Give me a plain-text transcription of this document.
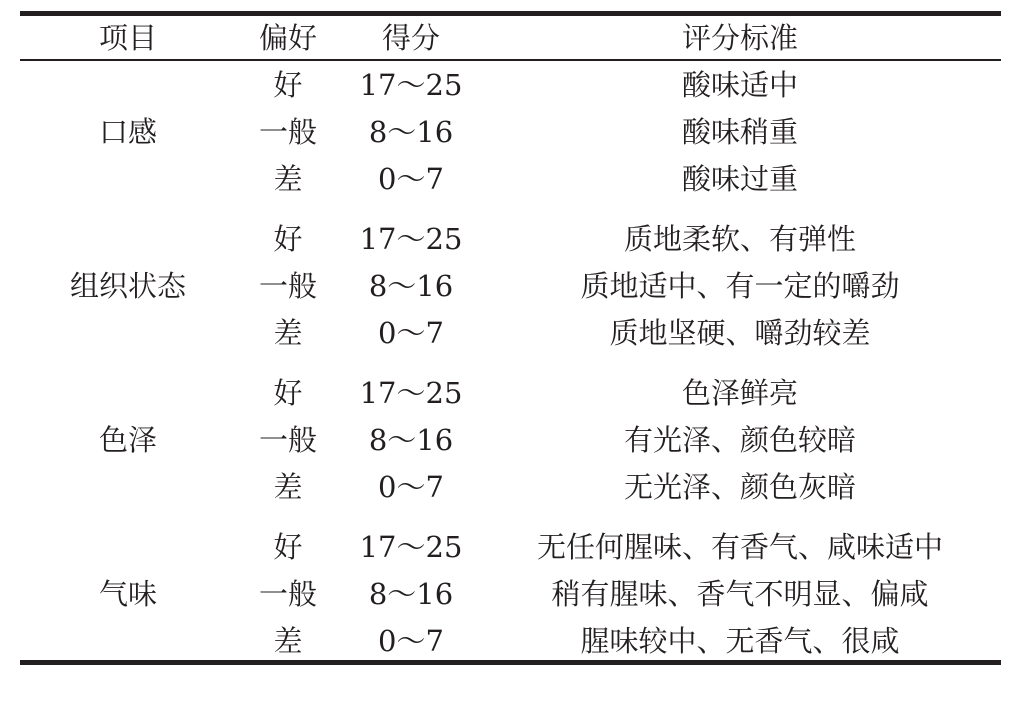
项目	偏好	得分	评分标准
口感
好	17～25	酸味适中
一般	8～16	酸味稍重
差	0～7	酸味过重
组织状态
好	17～25	质地柔软、有弹性
一般	8～16	质地适中、有一定的嚼劲
差	0～7	质地坚硬、嚼劲较差
色泽
好	17～25	色泽鲜亮
一般	8～16	有光泽、颜色较暗
差	0～7	无光泽、颜色灰暗
气味
好	17～25	无任何腥味、有香气、咸味适中
一般	8～16	稍有腥味、香气不明显、偏咸
差	0～7	腥味较中、无香气、很咸
